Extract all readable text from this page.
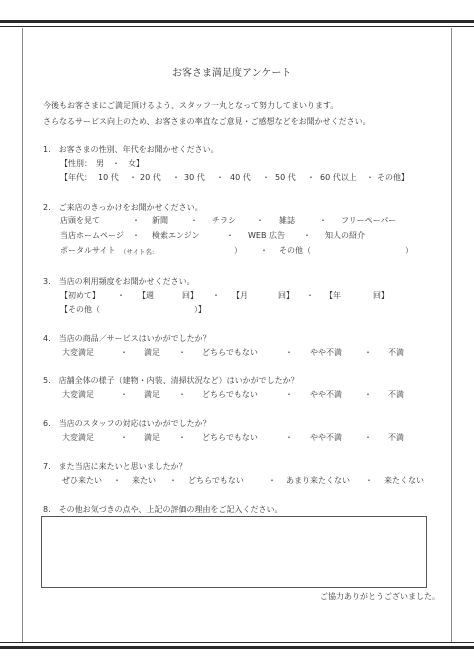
お客さま満足度アンケート
今後もお客さまにご満足頂けるよう、スタッフ一丸となって努力してまいります。
さらなるサービス向上のため、お客さまの率直なご意見・ご感想などをお聞かせください。
1.　お客さまの性別、年代をお聞かせください。
【性別：　男　・　女】
【年代： 10 代 ・ 20 代 ・ 30 代 ・ 40 代 ・ 50 代 ・ 60 代以上 ・ その他】
2.　ご来店のきっかけをお聞かせください。
店頭を見て	・ 新聞	・ チラシ	・ 雑誌	・ フリーペーパー
当店ホームページ ・ 検索エンジン	・ WEB 広告 ・ 知人の紹介
ポータルサイト （サイト名:	） ・ その他（	）
3.　当店の利用頻度をお聞かせください。
【初めて】 ・ 【週	回】 ・ 【月	回】 ・ 【年	回】
【その他（	）】
4.　当店の商品／サービスはいかがでしたか？
大変満足	・ 満足 ・ どちらでもない	・ やや不満	・ 不満
5.　店舗全体の様子（建物・内装、清掃状況など）はいかがでしたか？
大変満足	・ 満足 ・ どちらでもない	・ やや不満	・ 不満
6.　当店のスタッフの対応はいかがでしたか？
大変満足	・ 満足 ・ どちらでもない	・ やや不満	・ 不満
7.　また当店に来たいと思いましたか？
ぜひ来たい ・ 来たい ・ どちらでもない	・ あまり来たくない ・ 来たくない
8.　その他お気づきの点や、上記の評価の理由をご記入ください。
ご協力ありがとうございました。
